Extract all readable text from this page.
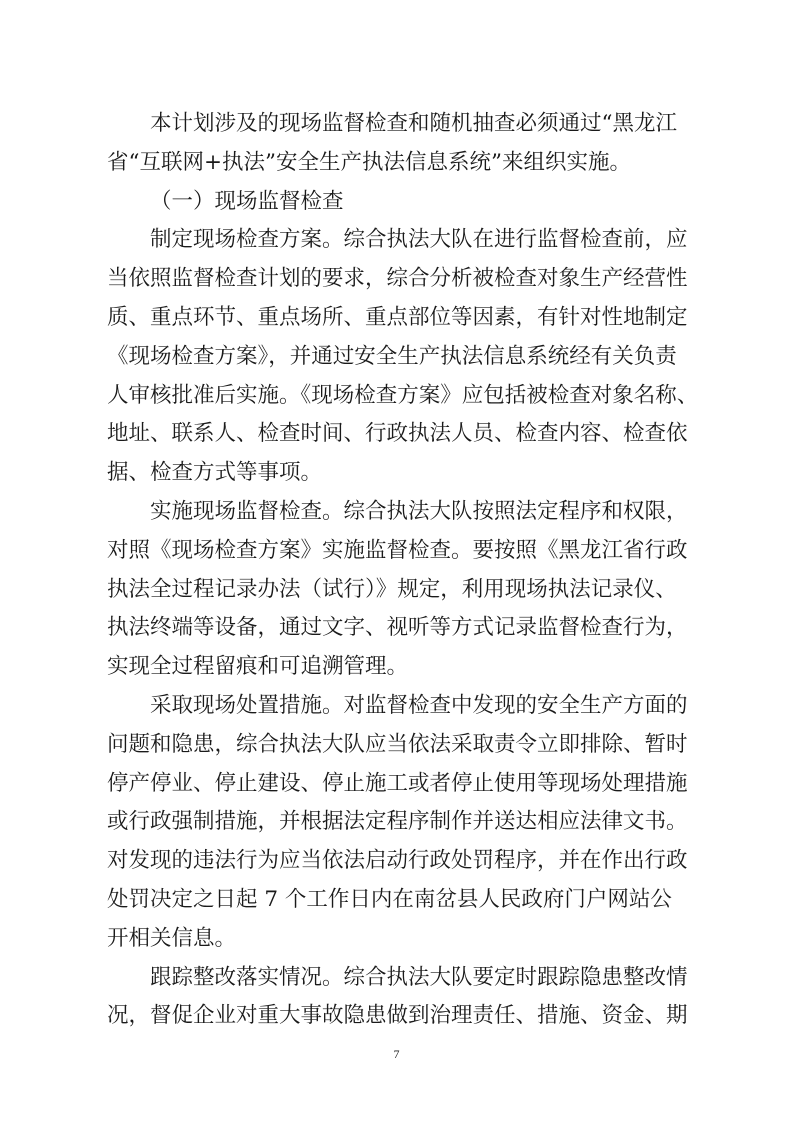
本计划涉及的现场监督检查和随机抽查必须通过“黑龙江
省“互联网+执法”安全生产执法信息系统”来组织实施。
（一）现场监督检查
制定现场检查方案。综合执法大队在进行监督检查前，应
当依照监督检查计划的要求，综合分析被检查对象生产经营性
质、重点环节、重点场所、重点部位等因素，有针对性地制定
《现场检查方案》，并通过安全生产执法信息系统经有关负责
人审核批准后实施。《现场检查方案》应包括被检查对象名称、
地址、联系人、检查时间、行政执法人员、检查内容、检查依
据、检查方式等事项。
实施现场监督检查。综合执法大队按照法定程序和权限，
对照《现场检查方案》实施监督检查。要按照《黑龙江省行政
执法全过程记录办法（试行）》规定，利用现场执法记录仪、
执法终端等设备，通过文字、视听等方式记录监督检查行为，
实现全过程留痕和可追溯管理。
采取现场处置措施。对监督检查中发现的安全生产方面的
问题和隐患，综合执法大队应当依法采取责令立即排除、暂时
停产停业、停止建设、停止施工或者停止使用等现场处理措施
或行政强制措施，并根据法定程序制作并送达相应法律文书。
对发现的违法行为应当依法启动行政处罚程序，并在作出行政
处罚决定之日起 7 个工作日内在南岔县人民政府门户网站公
开相关信息。
跟踪整改落实情况。综合执法大队要定时跟踪隐患整改情
况，督促企业对重大事故隐患做到治理责任、措施、资金、期
7
